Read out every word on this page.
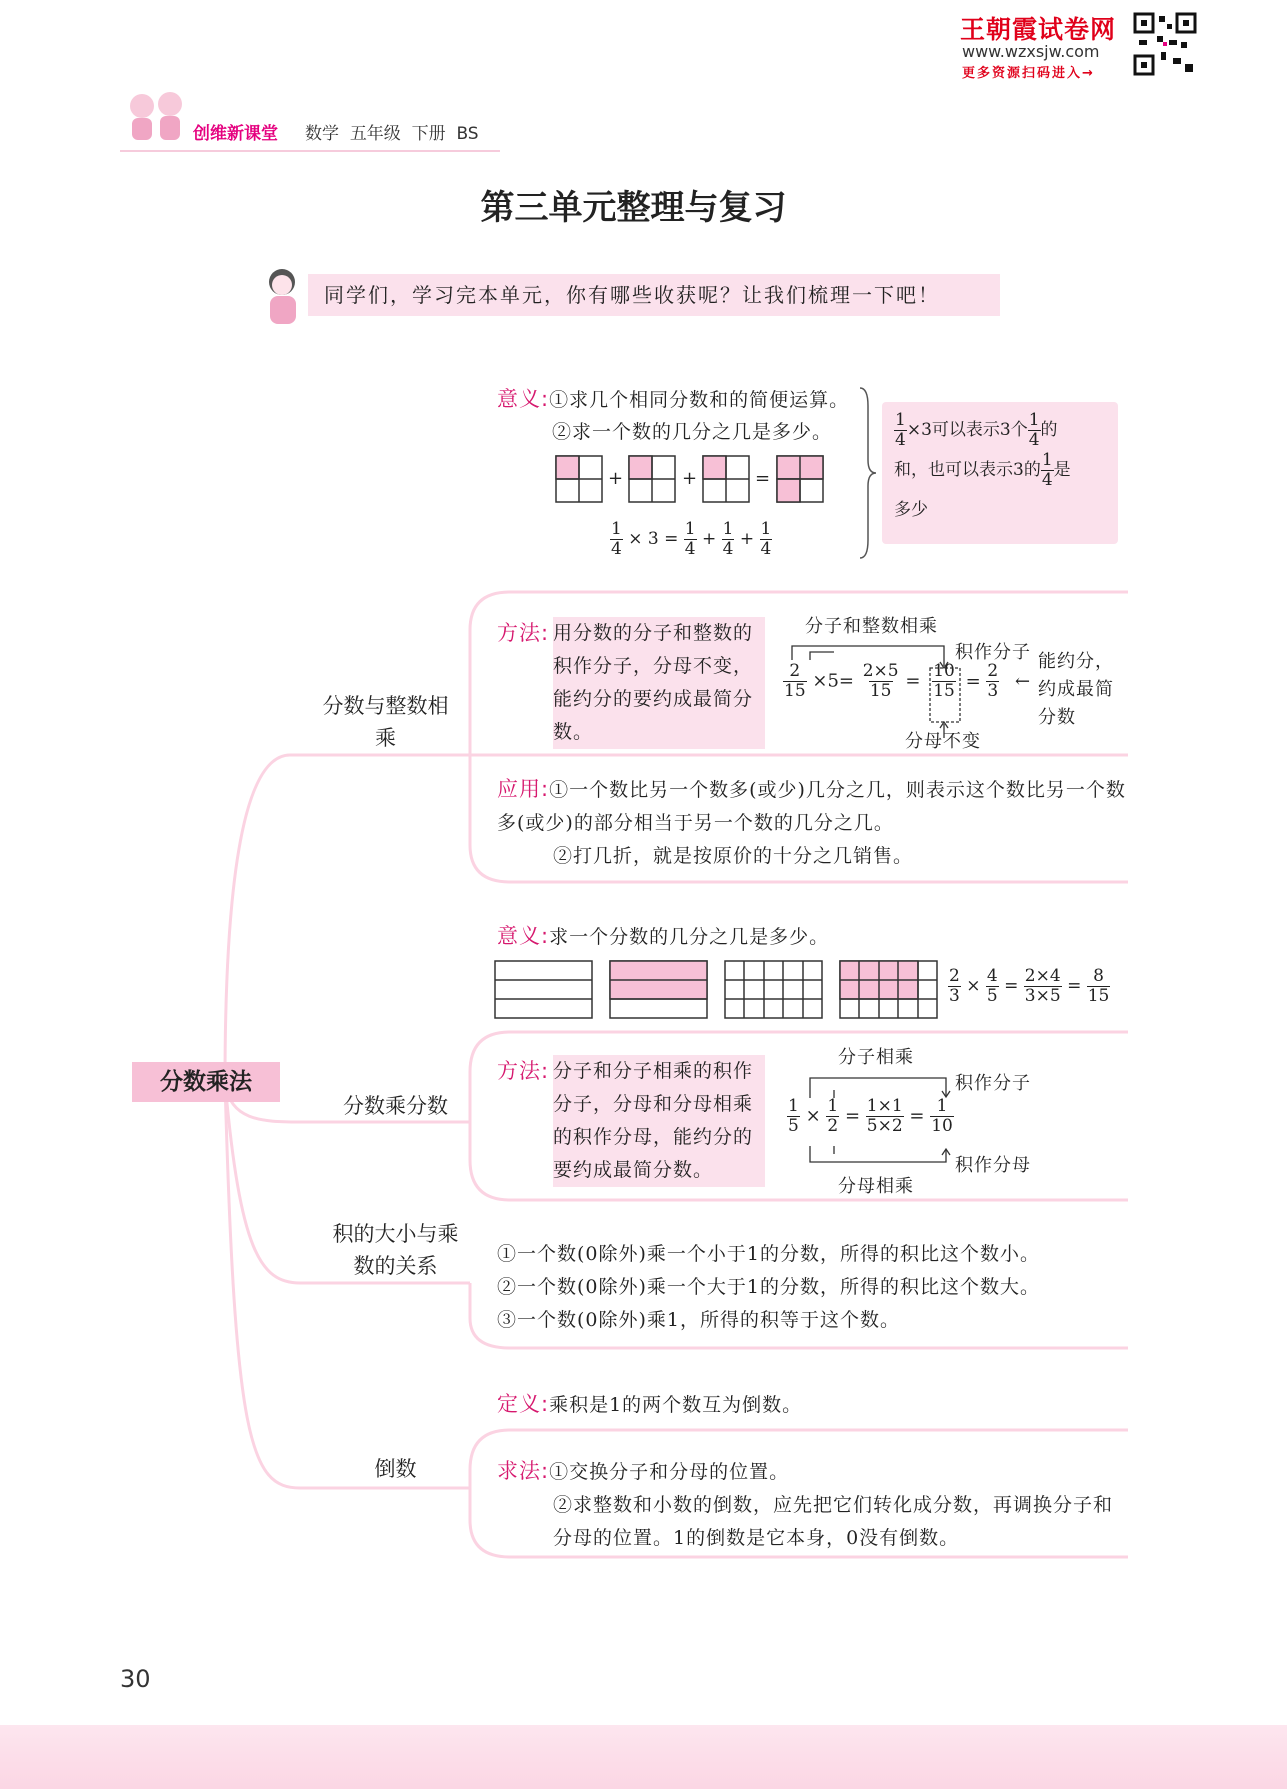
创维新课堂 数学 五年级 下册 BS
王朝霞试卷网
www.wzxsjw.com
更多资源扫码进入→
第三单元整理与复习
同学们，学习完本单元，你有哪些收获呢？让我们梳理一下吧！
分数乘法
分数与整数相乘
意义:①求几个相同分数和的简便运算。
②求一个数的几分之几是多少。
+	+	=
$\frac{1}{4} \times 3 = \frac{1}{4} + \frac{1}{4} + \frac{1}{4}$
$\frac{1}{4} \times 3$可以表示3个 $\frac{1}{4}$ 的
和，也可以表示3的 $\frac{1}{4}$ 是
多少
方法: 用分数的分子和整数的积作分子，分母不变，能约分的要约成最简分数。
分子和整数相乘
积作分子 能约分，约成最简分数
分母不变
$\frac{2}{15} \times 5= \frac{2\times 5}{15} = \frac{10}{15} = \frac{2}{3}$ ←
应用:①一个数比另一个数多(或少)几分之几，则表示这个数比另一个数多(或少)的部分相当于另一个数的几分之几。
②打几折，就是按原价的十分之几销售。
分数乘分数
意义:求一个分数的几分之几是多少。
$\frac{2}{3} \times \frac{4}{5} = \frac{2\times 4}{3\times 5} = \frac{8}{15}$
方法: 分子和分子相乘的积作分子，分母和分母相乘的积作分母，能约分的要约成最简分数。
分子相乘
积作分子
分母相乘
积作分母
$\frac{1}{5} \times \frac{1}{2} = \frac{1\times 1}{5\times 2} = \frac{1}{10}$
积的大小与乘数的关系	①一个数(0除外)乘一个小于1的分数，所得的积比这个数小。
②一个数(0除外)乘一个大于1的分数，所得的积比这个数大。
③一个数(0除外)乘1，所得的积等于这个数。
倒数
定义:乘积是1的两个数互为倒数。
求法:①交换分子和分母的位置。

②求整数和小数的倒数，应先把它们转化成分数，再调换分子和分母的位置。1的倒数是它本身，0没有倒数。
30
